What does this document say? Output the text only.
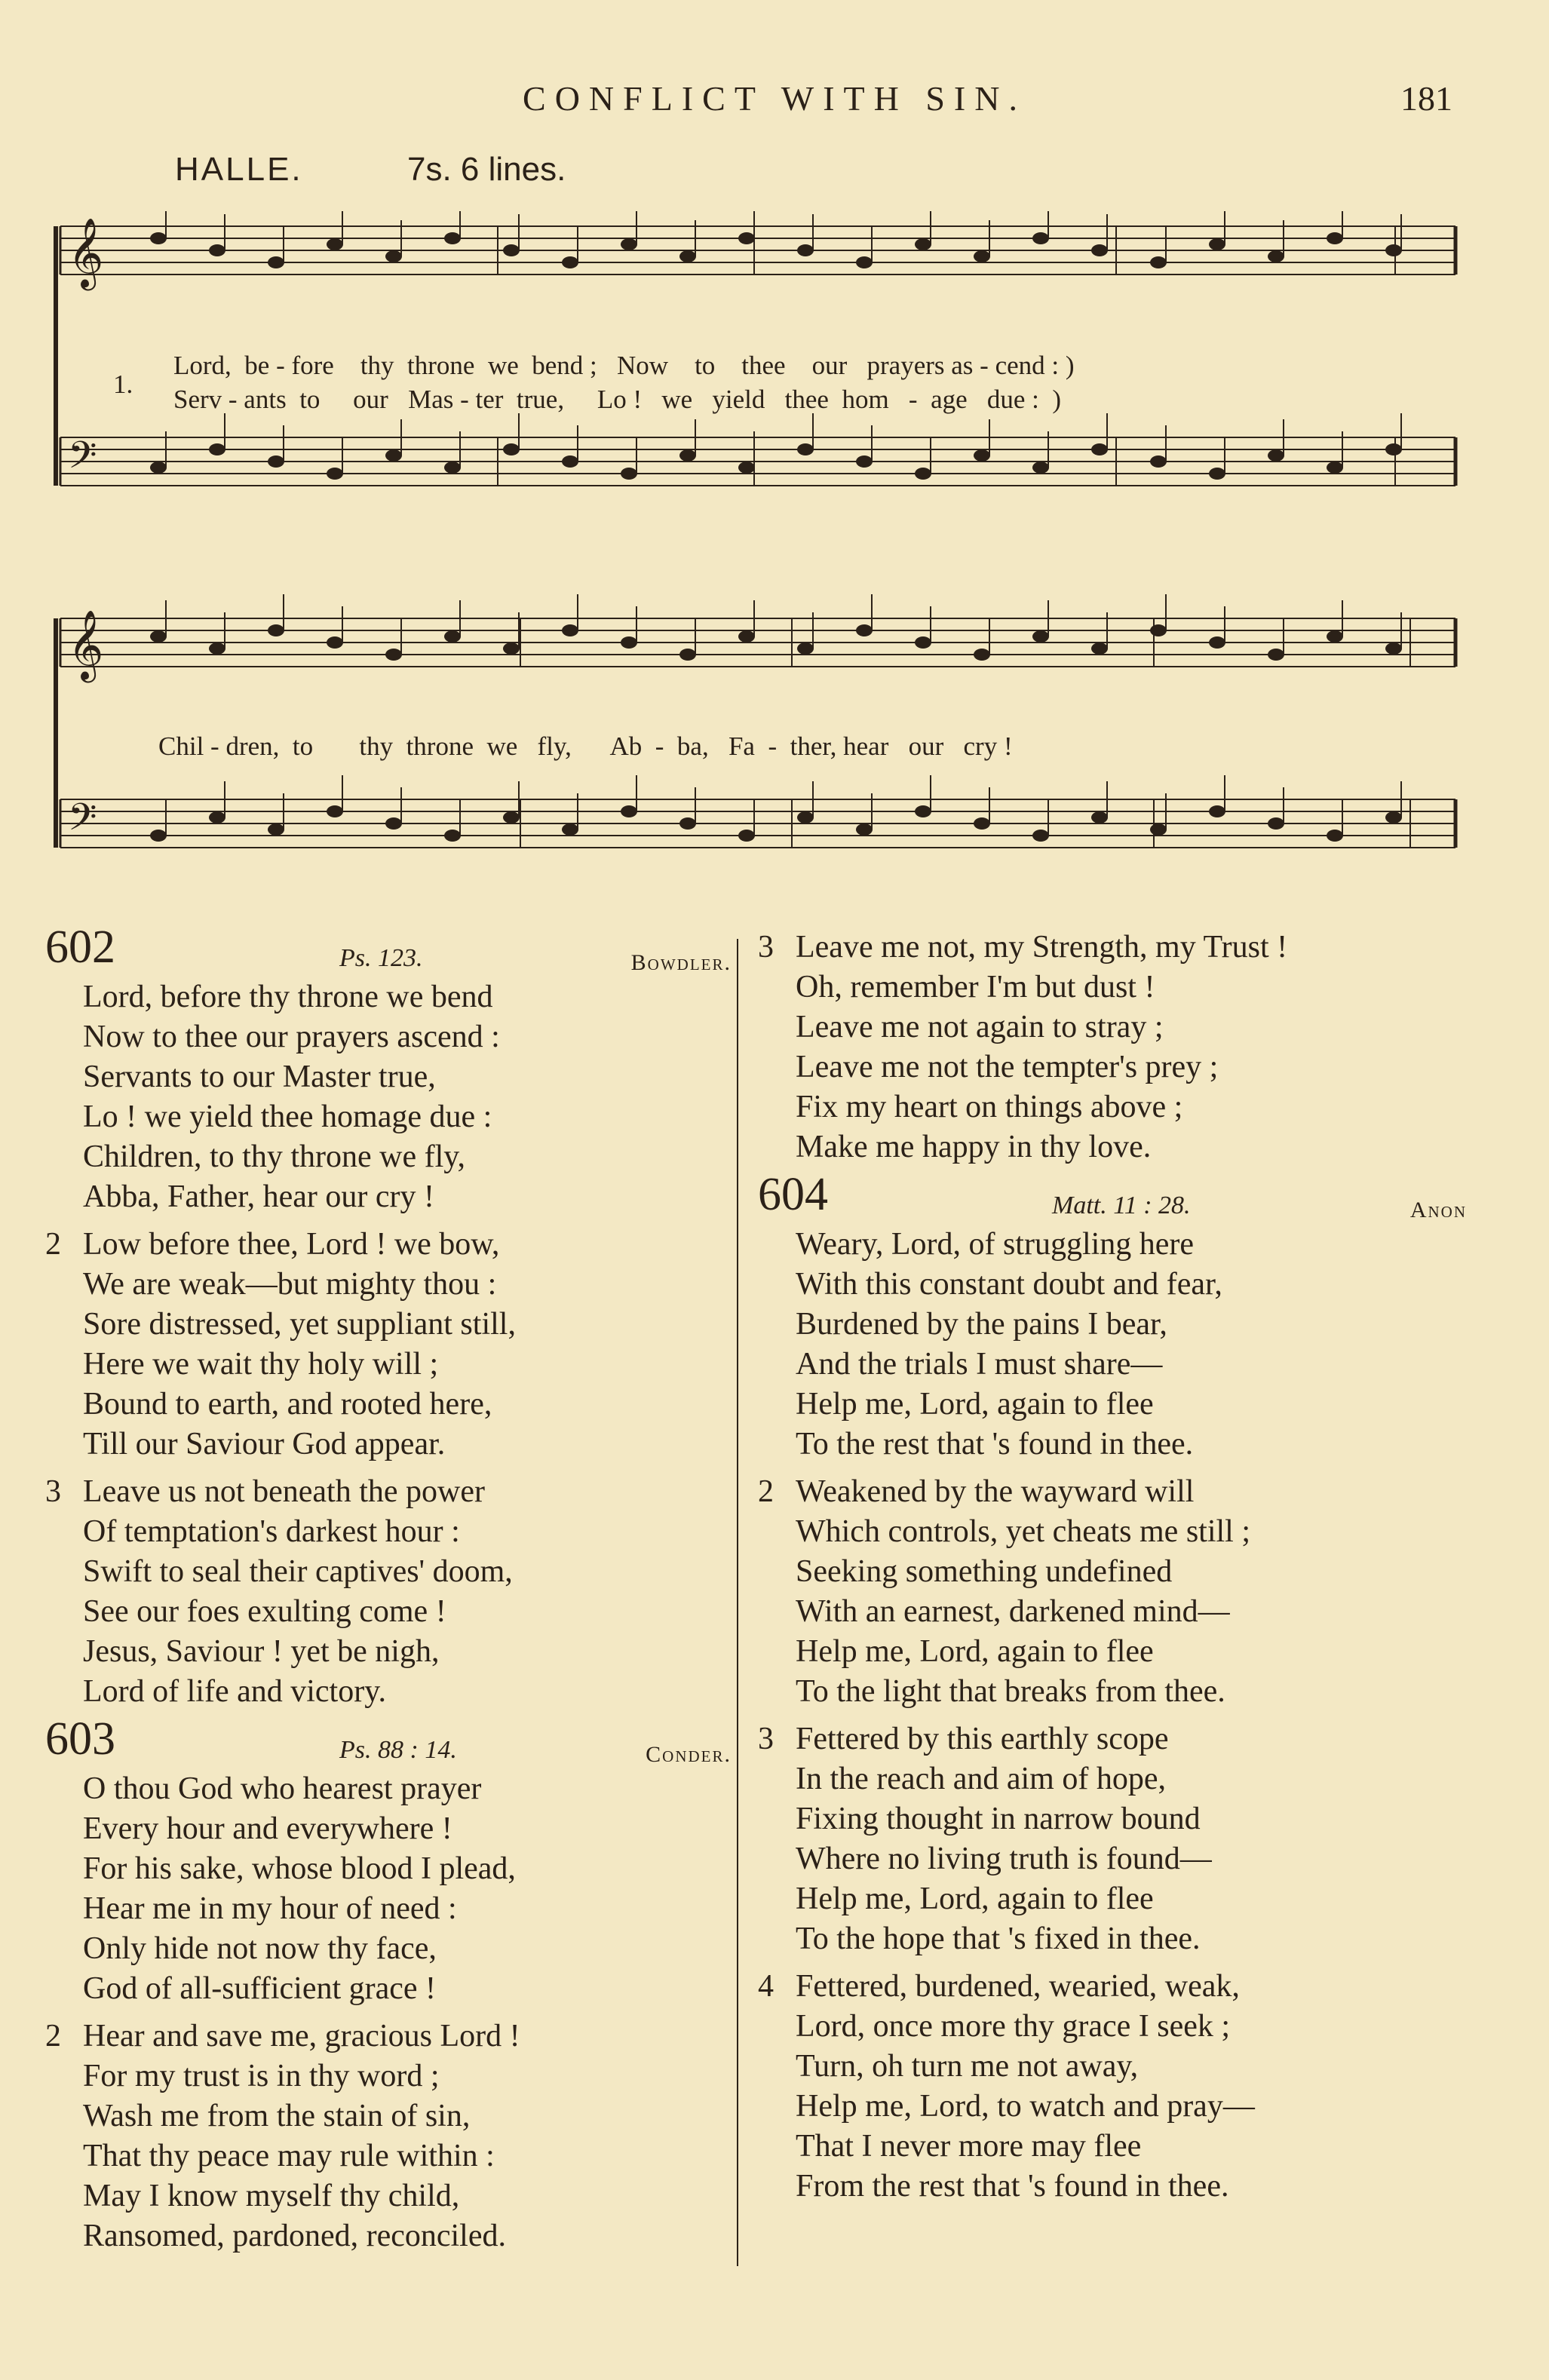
CONFLICT WITH SIN.	181
HALLE.	7s. 6 lines.
𝄞
𝄢
𝄞
𝄢
1.
Lord,  be - fore    thy  throne  we  bend ;   Now    to    thee    our   prayers as - cend : )
Serv - ants  to     our   Mas - ter  true,     Lo !   we   yield   thee  hom   -  age   due :  )
Chil - dren,  to       thy  throne  we   fly,      Ab  -  ba,   Fa  -  ther, hear   our   cry !
602	Ps. 123.	Bowdler.
Lord, before thy throne we bend
Now to thee our prayers ascend :
Servants to our Master true,
Lo ! we yield thee homage due :
Children, to thy throne we fly,
Abba, Father, hear our cry !
2 Low before thee, Lord ! we bow,
We are weak—but mighty thou :
Sore distressed, yet suppliant still,
Here we wait thy holy will ;
Bound to earth, and rooted here,
Till our Saviour God appear.
3 Leave us not beneath the power
Of temptation's darkest hour :
Swift to seal their captives' doom,
See our foes exulting come !
Jesus, Saviour ! yet be nigh,
Lord of life and victory.
603	Ps. 88 : 14.	Conder.
O thou God who hearest prayer
Every hour and everywhere !
For his sake, whose blood I plead,
Hear me in my hour of need :
Only hide not now thy face,
God of all-sufficient grace !
2 Hear and save me, gracious Lord !
For my trust is in thy word ;
Wash me from the stain of sin,
That thy peace may rule within :
May I know myself thy child,
Ransomed, pardoned, reconciled.
3 Leave me not, my Strength, my Trust !
Oh, remember I'm but dust !
Leave me not again to stray ;
Leave me not the tempter's prey ;
Fix my heart on things above ;
Make me happy in thy love.
604	Matt. 11 : 28.	Anon
Weary, Lord, of struggling here
With this constant doubt and fear,
Burdened by the pains I bear,
And the trials I must share—
Help me, Lord, again to flee
To the rest that 's found in thee.
2 Weakened by the wayward will
Which controls, yet cheats me still ;
Seeking something undefined
With an earnest, darkened mind—
Help me, Lord, again to flee
To the light that breaks from thee.
3 Fettered by this earthly scope
In the reach and aim of hope,
Fixing thought in narrow bound
Where no living truth is found—
Help me, Lord, again to flee
To the hope that 's fixed in thee.
4 Fettered, burdened, wearied, weak,
Lord, once more thy grace I seek ;
Turn, oh turn me not away,
Help me, Lord, to watch and pray—
That I never more may flee
From the rest that 's found in thee.
